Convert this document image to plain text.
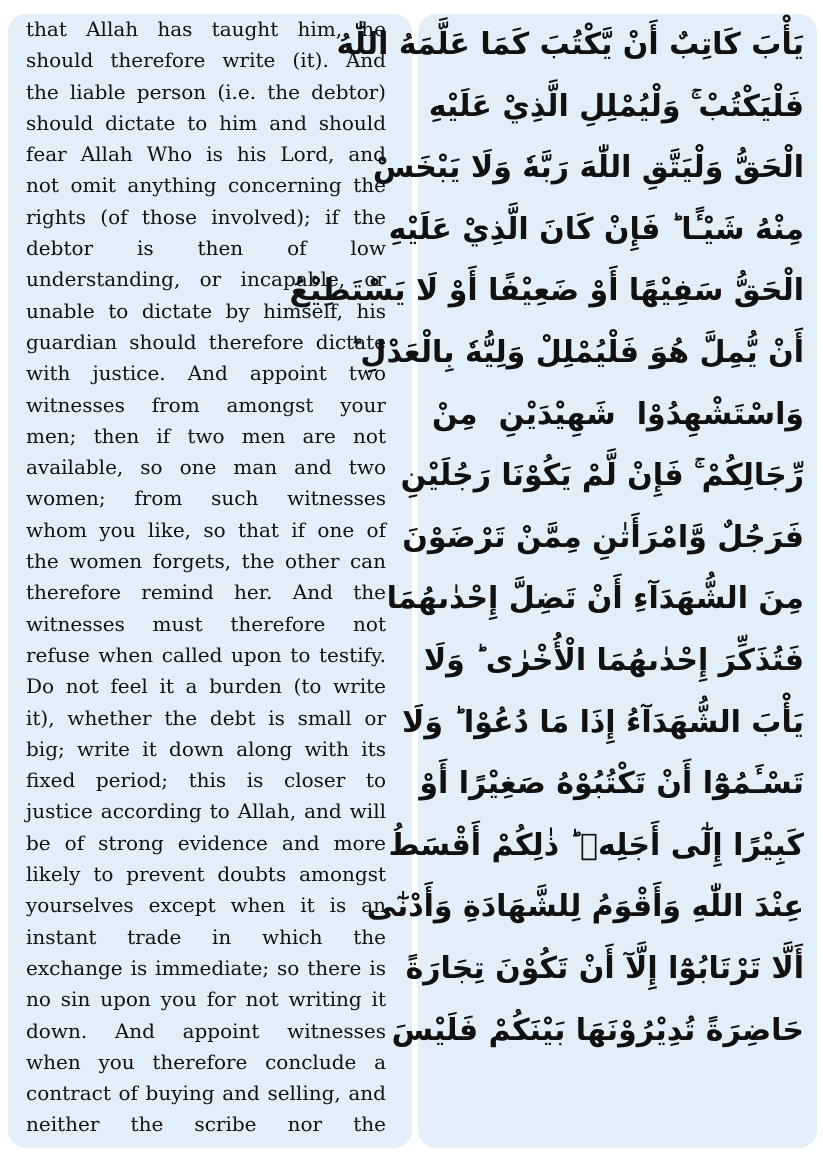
that Allah has taught him, he
should therefore write (it). And
the liable person (i.e. the debtor)
should dictate to him and should
fear Allah Who is his Lord, and
not omit anything concerning the
rights (of those involved); if the
debtor is then of low
understanding, or incapable, or
unable to dictate by himself, his
guardian should therefore dictate
with justice. And appoint two
witnesses from amongst your
men; then if two men are not
available, so one man and two
women; from such witnesses
whom you like, so that if one of
the women forgets, the other can
therefore remind her. And the
witnesses must therefore not
refuse when called upon to testify.
Do not feel it a burden (to write
it), whether the debt is small or
big; write it down along with its
fixed period; this is closer to
justice according to Allah, and will
be of strong evidence and more
likely to prevent doubts amongst
yourselves except when it is an
instant trade in which the
exchange is immediate; so there is
no sin upon you for not writing it
down. And appoint witnesses
when you therefore conclude a
contract of buying and selling, and
neither the scribe nor the
يَأْبَ كَاتِبٌ أَنْ يَّكْتُبَ كَمَا عَلَّمَهُ اللّٰهُ
فَلْيَكْتُبْ ۚ وَلْيُمْلِلِ الَّذِيْ عَلَيْهِ
الْحَقُّ وَلْيَتَّقِ اللّٰهَ رَبَّهٗ وَلَا يَبْخَسْ
مِنْهُ شَيْـًٔا ؕ فَإِنْ كَانَ الَّذِيْ عَلَيْهِ
الْحَقُّ سَفِيْهًا أَوْ ضَعِيْفًا أَوْ لَا يَسْتَطِيْعُ
أَنْ يُّمِلَّ هُوَ فَلْيُمْلِلْ وَلِيُّهٗ بِالْعَدْلِ ؕ
وَاسْتَشْهِدُوْا شَهِيْدَيْنِ مِنْ
رِّجَالِكُمْ ۚ فَإِنْ لَّمْ يَكُوْنَا رَجُلَيْنِ
فَرَجُلٌ وَّامْرَأَتٰنِ مِمَّنْ تَرْضَوْنَ
مِنَ الشُّهَدَآءِ أَنْ تَضِلَّ إِحْدٰىهُمَا
فَتُذَكِّرَ إِحْدٰىهُمَا الْأُخْرٰى ؕ وَلَا
يَأْبَ الشُّهَدَآءُ إِذَا مَا دُعُوْا ؕ وَلَا
تَسْـَٔمُوْٓا أَنْ تَكْتُبُوْهُ صَغِيْرًا أَوْ
كَبِيْرًا إِلٰٓى أَجَلِهٖ ؕ ذٰلِكُمْ أَقْسَطُ
عِنْدَ اللّٰهِ وَأَقْوَمُ لِلشَّهَادَةِ وَأَدْنٰٓى
أَلَّا تَرْتَابُوْٓا إِلَّآ أَنْ تَكُوْنَ تِجَارَةً
حَاضِرَةً تُدِيْرُوْنَهَا بَيْنَكُمْ فَلَيْسَ
